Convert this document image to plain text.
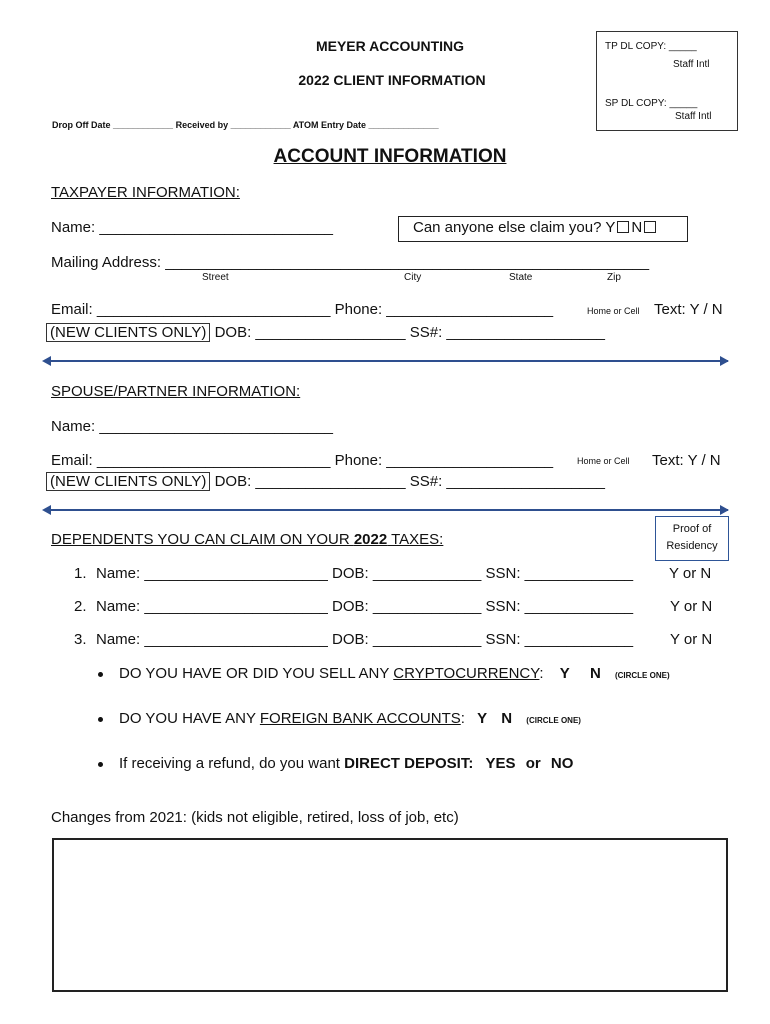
MEYER ACCOUNTING
2022 CLIENT INFORMATION
Drop Off Date ____________ Received by ____________ ATOM Entry Date ______________
TP DL COPY: _____
Staff Intl
SP DL COPY: _____
Staff Intl
ACCOUNT INFORMATION
TAXPAYER INFORMATION:
Name: ____________________________	Can anyone else claim you? Y N
Mailing Address: __________________________________________________________
Street	City	State	Zip
Email: ____________________________ Phone: ____________________	Home or Cell Text: Y / N
(NEW CLIENTS ONLY) DOB: __________________ SS#: ___________________
SPOUSE/PARTNER INFORMATION:
Name: ____________________________
Email: ____________________________ Phone: ____________________	Home or Cell Text: Y / N
(NEW CLIENTS ONLY) DOB: __________________ SS#: ___________________
DEPENDENTS YOU CAN CLAIM ON YOUR 2022 TAXES:
Proof of
Residency
1. Name: ______________________ DOB: _____________ SSN: _____________ Y or N
2. Name: ______________________ DOB: _____________ SSN: _____________ Y or N
3. Name: ______________________ DOB: _____________ SSN: _____________ Y or N
DO YOU HAVE OR DID YOU SELL ANY CRYPTOCURRENCY: Y N (CIRCLE ONE)
DO YOU HAVE ANY FOREIGN BANK ACCOUNTS: Y N (CIRCLE ONE)
If receiving a refund, do you want DIRECT DEPOSIT: YES or NO
Changes from 2021: (kids not eligible, retired, loss of job, etc)
